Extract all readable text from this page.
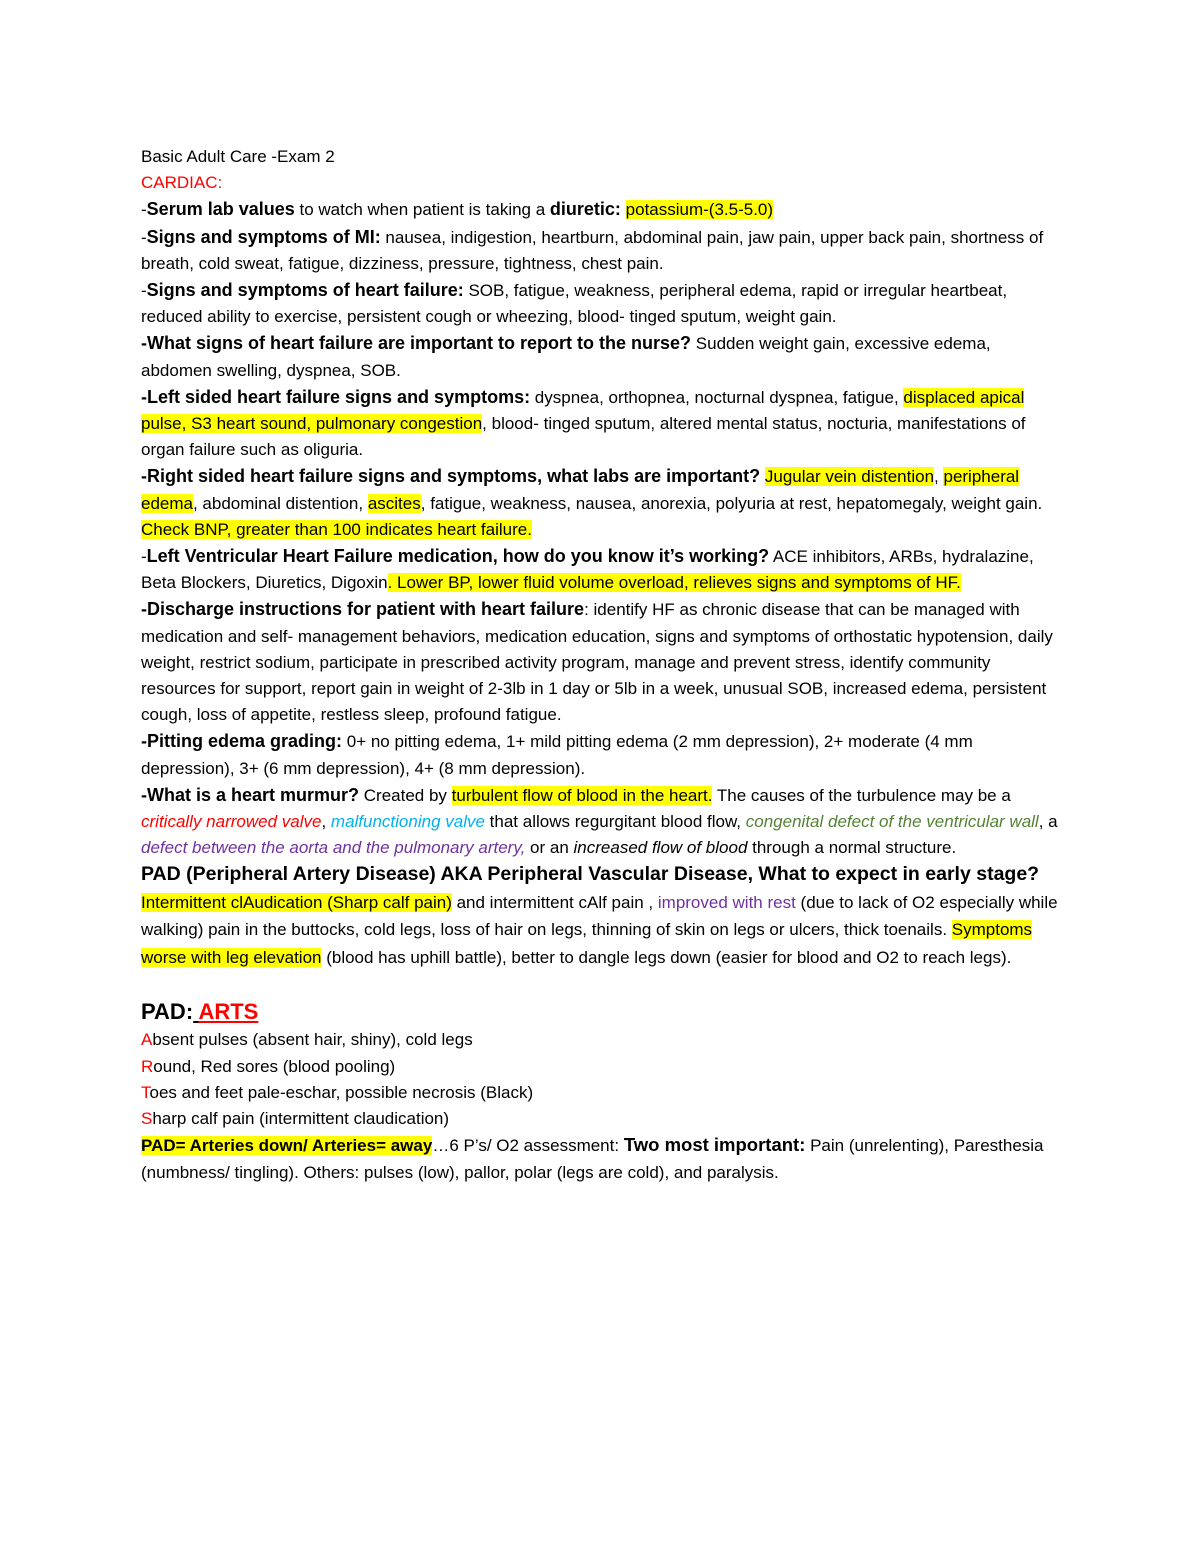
Basic Adult Care -Exam 2

CARDIAC:

-Serum lab values to watch when patient is taking a diuretic: potassium-(3.5-5.0)

-Signs and symptoms of MI: nausea, indigestion, heartburn, abdominal pain, jaw pain, upper back pain, shortness of breath, cold sweat, fatigue, dizziness, pressure, tightness, chest pain.

-Signs and symptoms of heart failure: SOB, fatigue, weakness, peripheral edema, rapid or irregular heartbeat, reduced ability to exercise, persistent cough or wheezing, blood- tinged sputum, weight gain.

-What signs of heart failure are important to report to the nurse? Sudden weight gain, excessive edema, abdomen swelling, dyspnea, SOB.

-Left sided heart failure signs and symptoms: dyspnea, orthopnea, nocturnal dyspnea, fatigue, displaced apical pulse, S3 heart sound, pulmonary congestion, blood- tinged sputum, altered mental status, nocturia, manifestations of organ failure such as oliguria.

-Right sided heart failure signs and symptoms, what labs are important? Jugular vein distention, peripheral edema, abdominal distention, ascites, fatigue, weakness, nausea, anorexia, polyuria at rest, hepatomegaly, weight gain. Check BNP, greater than 100 indicates heart failure.

-Left Ventricular Heart Failure medication, how do you know it’s working? ACE inhibitors, ARBs, hydralazine, Beta Blockers, Diuretics, Digoxin. Lower BP, lower fluid volume overload, relieves signs and symptoms of HF.

-Discharge instructions for patient with heart failure: identify HF as chronic disease that can be managed with medication and self- management behaviors, medication education, signs and symptoms of orthostatic hypotension, daily weight, restrict sodium, participate in prescribed activity program, manage and prevent stress, identify community resources for support, report gain in weight of 2-3lb in 1 day or 5lb in a week, unusual SOB, increased edema, persistent cough, loss of appetite, restless sleep, profound fatigue.

-Pitting edema grading: 0+ no pitting edema, 1+ mild pitting edema (2 mm depression), 2+ moderate (4 mm depression), 3+ (6 mm depression), 4+ (8 mm depression).

-What is a heart murmur? Created by turbulent flow of blood in the heart. The causes of the turbulence may be a critically narrowed valve, malfunctioning valve that allows regurgitant blood flow, congenital defect of the ventricular wall, a defect between the aorta and the pulmonary artery, or an increased flow of blood through a normal structure.

PAD (Peripheral Artery Disease) AKA Peripheral Vascular Disease, What to expect in early stage? Intermittent clAudication (Sharp calf pain) and intermittent cAlf pain , improved with rest (due to lack of O2 especially while walking) pain in the buttocks, cold legs, loss of hair on legs, thinning of skin on legs or ulcers, thick toenails. Symptoms worse with leg elevation (blood has uphill battle), better to dangle legs down (easier for blood and O2 to reach legs).

PAD: ARTS

Absent pulses (absent hair, shiny), cold legs

Round, Red sores (blood pooling)

Toes and feet pale-eschar, possible necrosis (Black)

Sharp calf pain (intermittent claudication)

PAD= Arteries down/ Arteries= away…6 P’s/ O2 assessment: Two most important: Pain (unrelenting), Paresthesia (numbness/ tingling). Others: pulses (low), pallor, polar (legs are cold), and paralysis.
